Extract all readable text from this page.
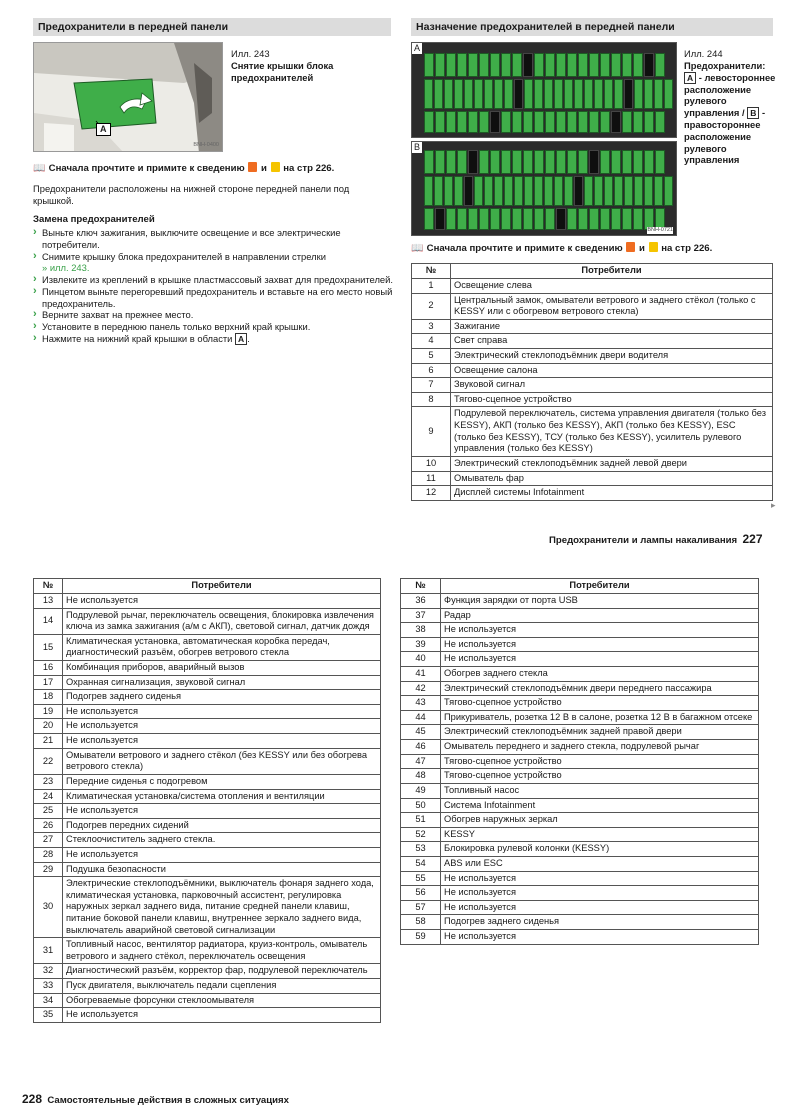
Предохранители в передней панели
A
BNH-0400
Илл. 243
Снятие крышки блока предохранителей
📖 Сначала прочтите и примите к сведению и на стр 226.
Предохранители расположены на нижней стороне передней панели под крышкой.
Замена предохранителей
› Выньте ключ зажигания, выключите освещение и все электрические потребители.
› Снимите крышку блока предохранителей в направлении стрелки
» илл. 243.
› Извлеките из креплений в крышке пластмассовый захват для предохранителей.
› Пинцетом выньте перегоревший предохранитель и вставьте на его место новый предохранитель.
› Верните захват на прежнее место.
› Установите в переднюю панель только верхний край крышки.
› Нажмите на нижний край крышки в области A .
Назначение предохранителей в передней панели
A
B
BNH-0721
Илл. 244
Предохранители: A - левостороннее расположение рулевого управления / B - правостороннее расположение рулевого управления
📖 Сначала прочтите и примите к сведению и на стр 226.
№	Потребители
1	Освещение слева
2	Центральный замок, омыватели ветрового и заднего стёкол (только с KESSY или с обогревом ветрового стекла)
3	Зажигание
4	Свет справа
5	Электрический стеклоподъёмник двери водителя
6	Освещение салона
7	Звуковой сигнал
8	Тягово-сцепное устройство
9	Подрулевой переключатель, система управления двигателя (только без KESSY), АКП (только без KESSY), АКП (только без KESSY), ESC (только без KESSY), ТСУ (только без KESSY), усилитель рулевого управления (только без KESSY)
10	Электрический стеклоподъёмник задней левой двери
11	Омыватель фар
12	Дисплей системы Infotainment
▸
Предохранители и лампы накаливания 227
№	Потребители
13	Не используется
14	Подрулевой рычаг, переключатель освещения, блокировка извлечения ключа из замка зажигания (а/м с АКП), световой сигнал, датчик дождя
15	Климатическая установка, автоматическая коробка передач, диагностический разъём, обогрев ветрового стекла
16	Комбинация приборов, аварийный вызов
17	Охранная сигнализация, звуковой сигнал
18	Подогрев заднего сиденья
19	Не используется
20	Не используется
21	Не используется
22	Омыватели ветрового и заднего стёкол (без KESSY или без обогрева ветрового стекла)
23	Передние сиденья с подогревом
24	Климатическая установка/система отопления и вентиляции
25	Не используется
26	Подогрев передних сидений
27	Стеклоочиститель заднего стекла.
28	Не используется
29	Подушка безопасности
30	Электрические стеклоподъёмники, выключатель фонаря заднего хода, климатическая установка, парковочный ассистент, регулировка наружных зеркал заднего вида, питание средней панели клавиш, питание боковой панели клавиш, внутреннее зеркало заднего вида, выключатель аварийной световой сигнализации
31	Топливный насос, вентилятор радиатора, круиз-контроль, омыватель ветрового и заднего стёкол, переключатель освещения
32	Диагностический разъём, корректор фар, подрулевой переключатель
33	Пуск двигателя, выключатель педали сцепления
34	Обогреваемые форсунки стеклоомывателя
35	Не используется
№	Потребители
36	Функция зарядки от порта USB
37	Радар
38	Не используется
39	Не используется
40	Не используется
41	Обогрев заднего стекла
42	Электрический стеклоподъёмник двери переднего пассажира
43	Тягово-сцепное устройство
44	Прикуриватель, розетка 12 В в салоне, розетка 12 В в багажном отсеке
45	Электрический стеклоподъёмник задней правой двери
46	Омыватель переднего и заднего стекла, подрулевой рычаг
47	Тягово-сцепное устройство
48	Тягово-сцепное устройство
49	Топливный насос
50	Система Infotainment
51	Обогрев наружных зеркал
52	KESSY
53	Блокировка рулевой колонки (KESSY)
54	ABS или ESC
55	Не используется
56	Не используется
57	Не используется
58	Подогрев заднего сиденья
59	Не используется
228 Самостоятельные действия в сложных ситуациях
